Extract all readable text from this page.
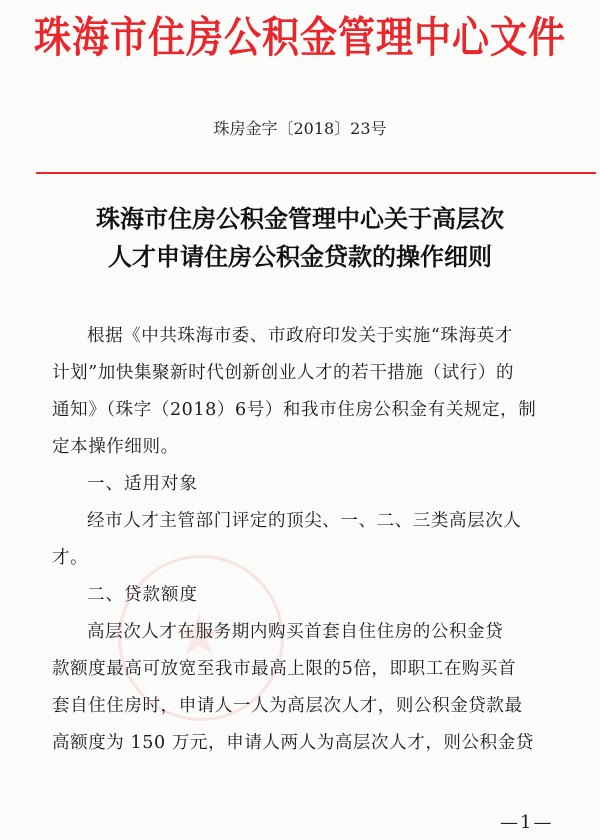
珠海市住房公积金管理中心文件
珠房金字〔2018〕23号
珠海市住房公积金管理中心关于高层次
人才申请住房公积金贷款的操作细则

根据《中共珠海市委、市政府印发关于实施“珠海英才
计划”加快集聚新时代创新创业人才的若干措施（试行）的
通知》（珠字（2018）6号）和我市住房公积金有关规定，制
定本操作细则。

一、适用对象

经市人才主管部门评定的顶尖、一、二、三类高层次人
才。

二、贷款额度

高层次人才在服务期内购买首套自住住房的公积金贷
款额度最高可放宽至我市最高上限的5倍，即职工在购买首
套自住住房时，申请人一人为高层次人才，则公积金贷款最
高额度为 150 万元，申请人两人为高层次人才，则公积金贷

—1—
